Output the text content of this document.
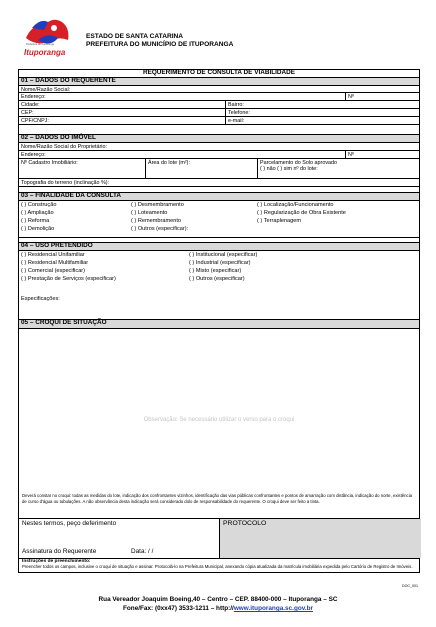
Ituporanga
Prefeitura de Ituporanga
ESTADO DE SANTA CATARINA
PREFEITURA DO MUNICÍPIO DE ITUPORANGA
REQUERIMENTO DE CONSULTA DE VIABILIDADE
01 – DADOS DO REQUERENTE
Nome/Razão Social:
Endereço:	Nº
Cidade:	Bairro:
CEP:	Telefone:
CPF/CNPJ:	e-mail:
02 – DADOS DO IMÓVEL
Nome/Razão Social do Proprietário:
Endereço:	Nº
Nº Cadastro Imobiliário:	Área do lote (m²):	Parcelamento do Solo aprovado
( ) não ( ) sim nº do lote:
Topografia do terreno (inclinação %):
03 – FINALIDADE DA CONSULTA
( ) Construção
( ) Ampliação
( ) Reforma
( ) Demolição
( ) Desmembramento
( ) Loteamento
( ) Remembramento
( ) Outros (especificar):
( ) Localização/Funcionamento
( ) Regularização de Obra Existente
( ) Terraplenagem
04 – USO PRETENDIDO
( ) Residencial Unifamiliar
( ) Residencial Multifamiliar
( ) Comercial (especificar)
( ) Prestação de Serviços (especificar)
( ) Institucional (especificar)
( ) Industrial (especificar)
( ) Misto (especificar)
( ) Outros (especificar)
Especificações:
05 – CROQUI DE SITUAÇÃO
Observação: Se necessário utilizar o verso para o croqui
Deverá constar no croqui: todas as medidas do lote, indicação dos confrontantes vizinhos, identificação das vias públicas confrontantes e pontos de amarração com distância, indicação do norte, existência de curso d'água ou tubulações. A não observância desta indicação será considerado dolo de responsabilidade do requerente. O croqui deve ser feito a tinta.
Nestes termos, peço deferimento
Assinatura do Requerente	Data: / /
PROTOCOLO
Instruções de preenchimento:
Preencher todos os campos, inclusive o croqui de situação e assinar. Protocolá-lo na Prefeitura Municipal, anexando cópia atualizada da matrícula imobiliária expedida pelo Cartório de Registro de Imóveis.
DOC_001
Rua Vereador Joaquim Boeing,40 – Centro – CEP. 88400-000 – Ituporanga – SC
Fone/Fax: (0xx47) 3533-1211 – http://www.ituporanga.sc.gov.br
